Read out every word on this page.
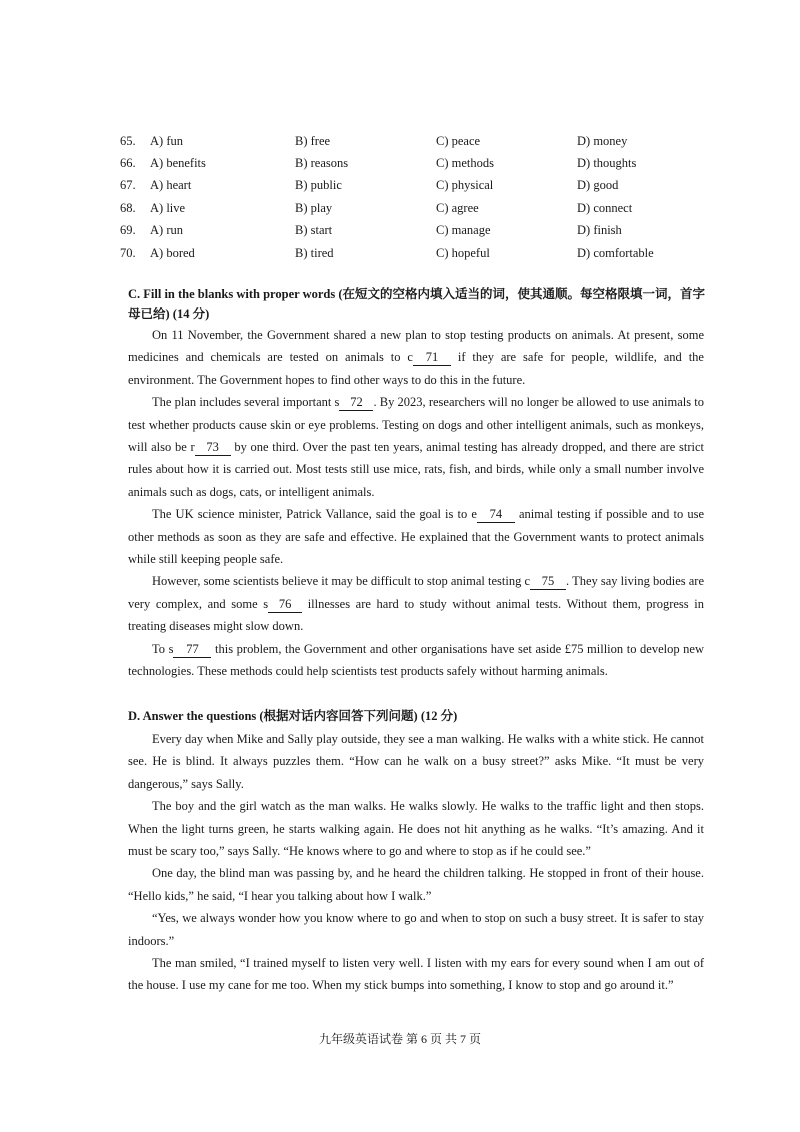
65.	A) fun	B) free	C) peace	D) money
66.	A) benefits	B) reasons	C) methods	D) thoughts
67.	A) heart	B) public	C) physical	D) good
68.	A) live	B) play	C) agree	D) connect
69.	A) run	B) start	C) manage	D) finish
70.	A) bored	B) tired	C) hopeful	D) comfortable
C. Fill in the blanks with proper words (在短文的空格内填入适当的词，使其通顺。每空格限填一词，首字母已给) (14 分)

On 11 November, the Government shared a new plan to stop testing products on animals. At present, some medicines and chemicals are tested on animals to c 71 if they are safe for people, wildlife, and the environment. The Government hopes to find other ways to do this in the future.

The plan includes several important s 72 . By 2023, researchers will no longer be allowed to use animals to test whether products cause skin or eye problems. Testing on dogs and other intelligent animals, such as monkeys, will also be r 73 by one third. Over the past ten years, animal testing has already dropped, and there are strict rules about how it is carried out. Most tests still use mice, rats, fish, and birds, while only a small number involve animals such as dogs, cats, or intelligent animals.

The UK science minister, Patrick Vallance, said the goal is to e 74 animal testing if possible and to use other methods as soon as they are safe and effective. He explained that the Government wants to protect animals while still keeping people safe.

However, some scientists believe it may be difficult to stop animal testing c 75 . They say living bodies are very complex, and some s 76 illnesses are hard to study without animal tests. Without them, progress in treating diseases might slow down.

To s 77 this problem, the Government and other organisations have set aside £75 million to develop new technologies. These methods could help scientists test products safely without harming animals.

D. Answer the questions (根据对话内容回答下列问题) (12 分)

Every day when Mike and Sally play outside, they see a man walking. He walks with a white stick. He cannot see. He is blind. It always puzzles them. “How can he walk on a busy street?” asks Mike. “It must be very dangerous,” says Sally.

The boy and the girl watch as the man walks. He walks slowly. He walks to the traffic light and then stops. When the light turns green, he starts walking again. He does not hit anything as he walks. “It’s amazing. And it must be scary too,” says Sally. “He knows where to go and where to stop as if he could see.”

One day, the blind man was passing by, and he heard the children talking. He stopped in front of their house. “Hello kids,” he said, “I hear you talking about how I walk.”

“Yes, we always wonder how you know where to go and when to stop on such a busy street. It is safer to stay indoors.”

The man smiled, “I trained myself to listen very well. I listen with my ears for every sound when I am out of the house. I use my cane for me too. When my stick bumps into something, I know to stop and go around it.”

九年级英语试卷 第 6 页 共 7 页
